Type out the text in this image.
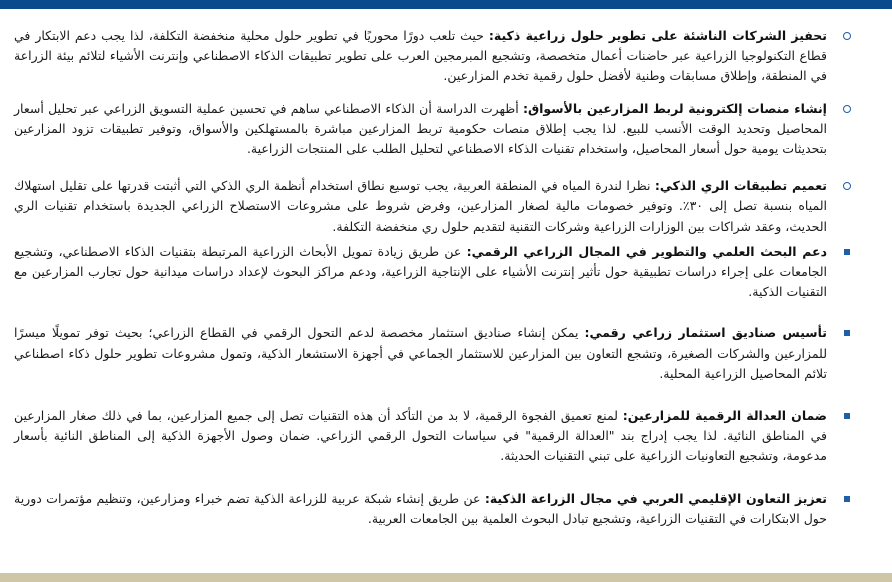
تحفيز الشركات الناشئة على تطوير حلول زراعية ذكية: حيث تلعب دورًا محوريًا في تطوير حلول محلية منخفضة التكلفة، لذا يجب دعم الابتكار في قطاع التكنولوجيا الزراعية عبر حاضنات أعمال متخصصة، وتشجيع المبرمجين العرب على تطوير تطبيقات الذكاء الاصطناعي وإنترنت الأشياء لتلائم بيئة الزراعة في المنطقة، وإطلاق مسابقات وطنية لأفضل حلول رقمية تخدم المزارعين.

إنشاء منصات إلكترونية لربط المزارعين بالأسواق: أظهرت الدراسة أن الذكاء الاصطناعي ساهم في تحسين عملية التسويق الزراعي عبر تحليل أسعار المحاصيل وتحديد الوقت الأنسب للبيع. لذا يجب إطلاق منصات حكومية تربط المزارعين مباشرة بالمستهلكين والأسواق، وتوفير تطبيقات تزود المزارعين بتحديثات يومية حول أسعار المحاصيل، واستخدام تقنيات الذكاء الاصطناعي لتحليل الطلب على المنتجات الزراعية.

تعميم تطبيقات الري الذكي: نظرا لندرة المياه في المنطقة العربية، يجب توسيع نطاق استخدام أنظمة الري الذكي التي أثبتت قدرتها على تقليل استهلاك المياه بنسبة تصل إلى ٣٠٪. وتوفير خصومات مالية لصغار المزارعين، وفرض شروط على مشروعات الاستصلاح الزراعي الجديدة باستخدام تقنيات الري الحديث، وعقد شراكات بين الوزارات الزراعية وشركات التقنية لتقديم حلول ري منخفضة التكلفة.

دعم البحث العلمي والتطوير في المجال الزراعي الرقمي: عن طريق زيادة تمويل الأبحاث الزراعية المرتبطة بتقنيات الذكاء الاصطناعي، وتشجيع الجامعات على إجراء دراسات تطبيقية حول تأثير إنترنت الأشياء على الإنتاجية الزراعية، ودعم مراكز البحوث لإعداد دراسات ميدانية حول تجارب المزارعين مع التقنيات الذكية.

تأسيس صناديق استثمار زراعي رقمي: يمكن إنشاء صناديق استثمار مخصصة لدعم التحول الرقمي في القطاع الزراعي؛ بحيث توفر تمويلًا ميسرًا للمزارعين والشركات الصغيرة، وتشجع التعاون بين المزارعين للاستثمار الجماعي في أجهزة الاستشعار الذكية، وتمول مشروعات تطوير حلول ذكاء اصطناعي تلائم المحاصيل الزراعية المحلية.

ضمان العدالة الرقمية للمزارعين: لمنع تعميق الفجوة الرقمية، لا بد من التأكد أن هذه التقنيات تصل إلى جميع المزارعين، بما في ذلك صغار المزارعين في المناطق النائية. لذا يجب إدراج بند "العدالة الرقمية" في سياسات التحول الرقمي الزراعي. ضمان وصول الأجهزة الذكية إلى المناطق النائية بأسعار مدعومة، وتشجيع التعاونيات الزراعية على تبني التقنيات الحديثة.

تعزيز التعاون الإقليمي العربي في مجال الزراعة الذكية: عن طريق إنشاء شبكة عربية للزراعة الذكية تضم خبراء ومزارعين، وتنظيم مؤتمرات دورية حول الابتكارات في التقنيات الزراعية، وتشجيع تبادل البحوث العلمية بين الجامعات العربية.
